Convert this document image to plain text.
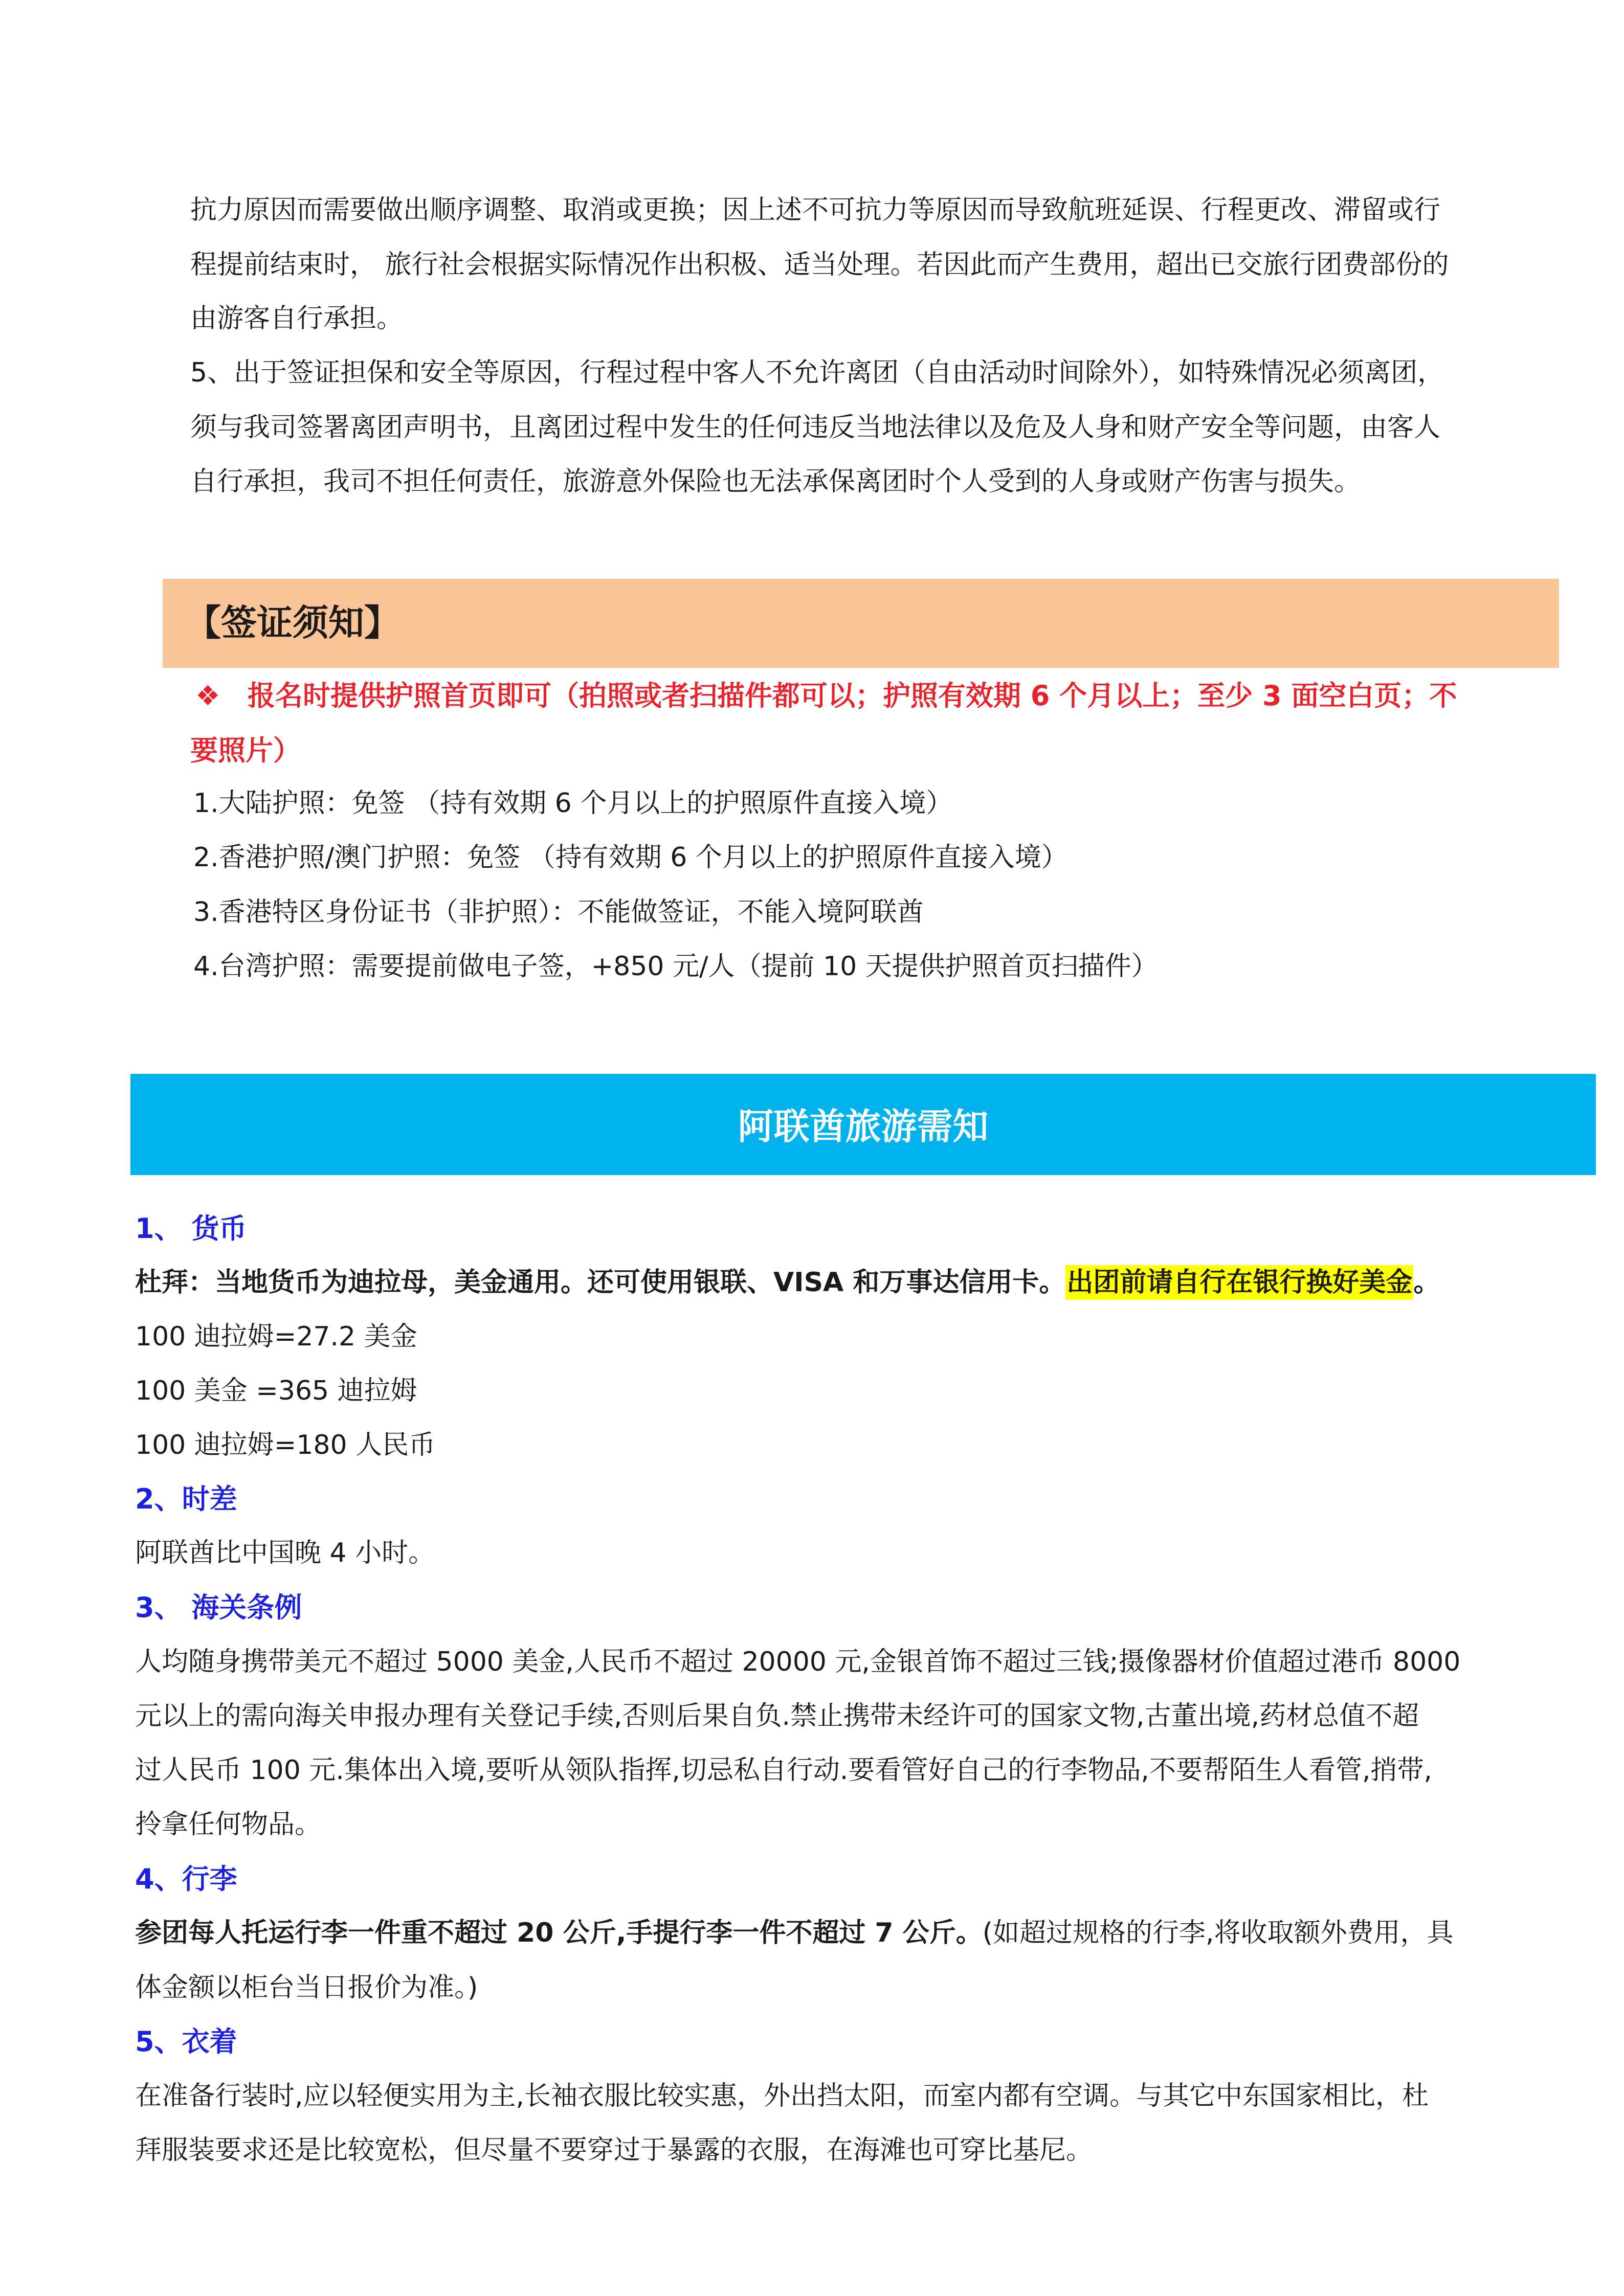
抗力原因而需要做出顺序调整、取消或更换；因上述不可抗力等原因而导致航班延误、行程更改、滞留或行
程提前结束时， 旅行社会根据实际情况作出积极、适当处理。若因此而产生费用，超出已交旅行团费部份的
由游客自行承担。
5、出于签证担保和安全等原因，行程过程中客人不允许离团（自由活动时间除外），如特殊情况必须离团，
须与我司签署离团声明书，且离团过程中发生的任何违反当地法律以及危及人身和财产安全等问题，由客人
自行承担，我司不担任何责任，旅游意外保险也无法承保离团时个人受到的人身或财产伤害与损失。
【签证须知】
❖ 报名时提供护照首页即可（拍照或者扫描件都可以；护照有效期 6 个月以上；至少 3 面空白页；不
要照片）
1.大陆护照：免签 （持有效期 6 个月以上的护照原件直接入境）
2.香港护照/澳门护照：免签 （持有效期 6 个月以上的护照原件直接入境）
3.香港特区身份证书（非护照）：不能做签证，不能入境阿联酋
4.台湾护照：需要提前做电子签，+850 元/人（提前 10 天提供护照首页扫描件）
阿联酋旅游需知
1、 货币
杜拜：当地货币为迪拉母，美金通用。还可使用银联、VISA 和万事达信用卡。出团前请自行在银行换好美金。
100 迪拉姆=27.2 美金
100 美金 =365 迪拉姆
100 迪拉姆=180 人民币
2、时差
阿联酋比中国晚 4 小时。
3、 海关条例
人均随身携带美元不超过 5000 美金,人民币不超过 20000 元,金银首饰不超过三钱;摄像器材价值超过港币 8000
元以上的需向海关申报办理有关登记手续,否则后果自负.禁止携带未经许可的国家文物,古董出境,药材总值不超
过人民币 100 元.集体出入境,要听从领队指挥,切忌私自行动.要看管好自己的行李物品,不要帮陌生人看管,捎带,
拎拿任何物品。
4、行李
参团每人托运行李一件重不超过 20 公斤,手提行李一件不超过 7 公斤。(如超过规格的行李,将收取额外费用，具
体金额以柜台当日报价为准。)
5、衣着
在准备行装时,应以轻便实用为主,长袖衣服比较实惠，外出挡太阳，而室内都有空调。与其它中东国家相比，杜
拜服装要求还是比较宽松，但尽量不要穿过于暴露的衣服，在海滩也可穿比基尼。
